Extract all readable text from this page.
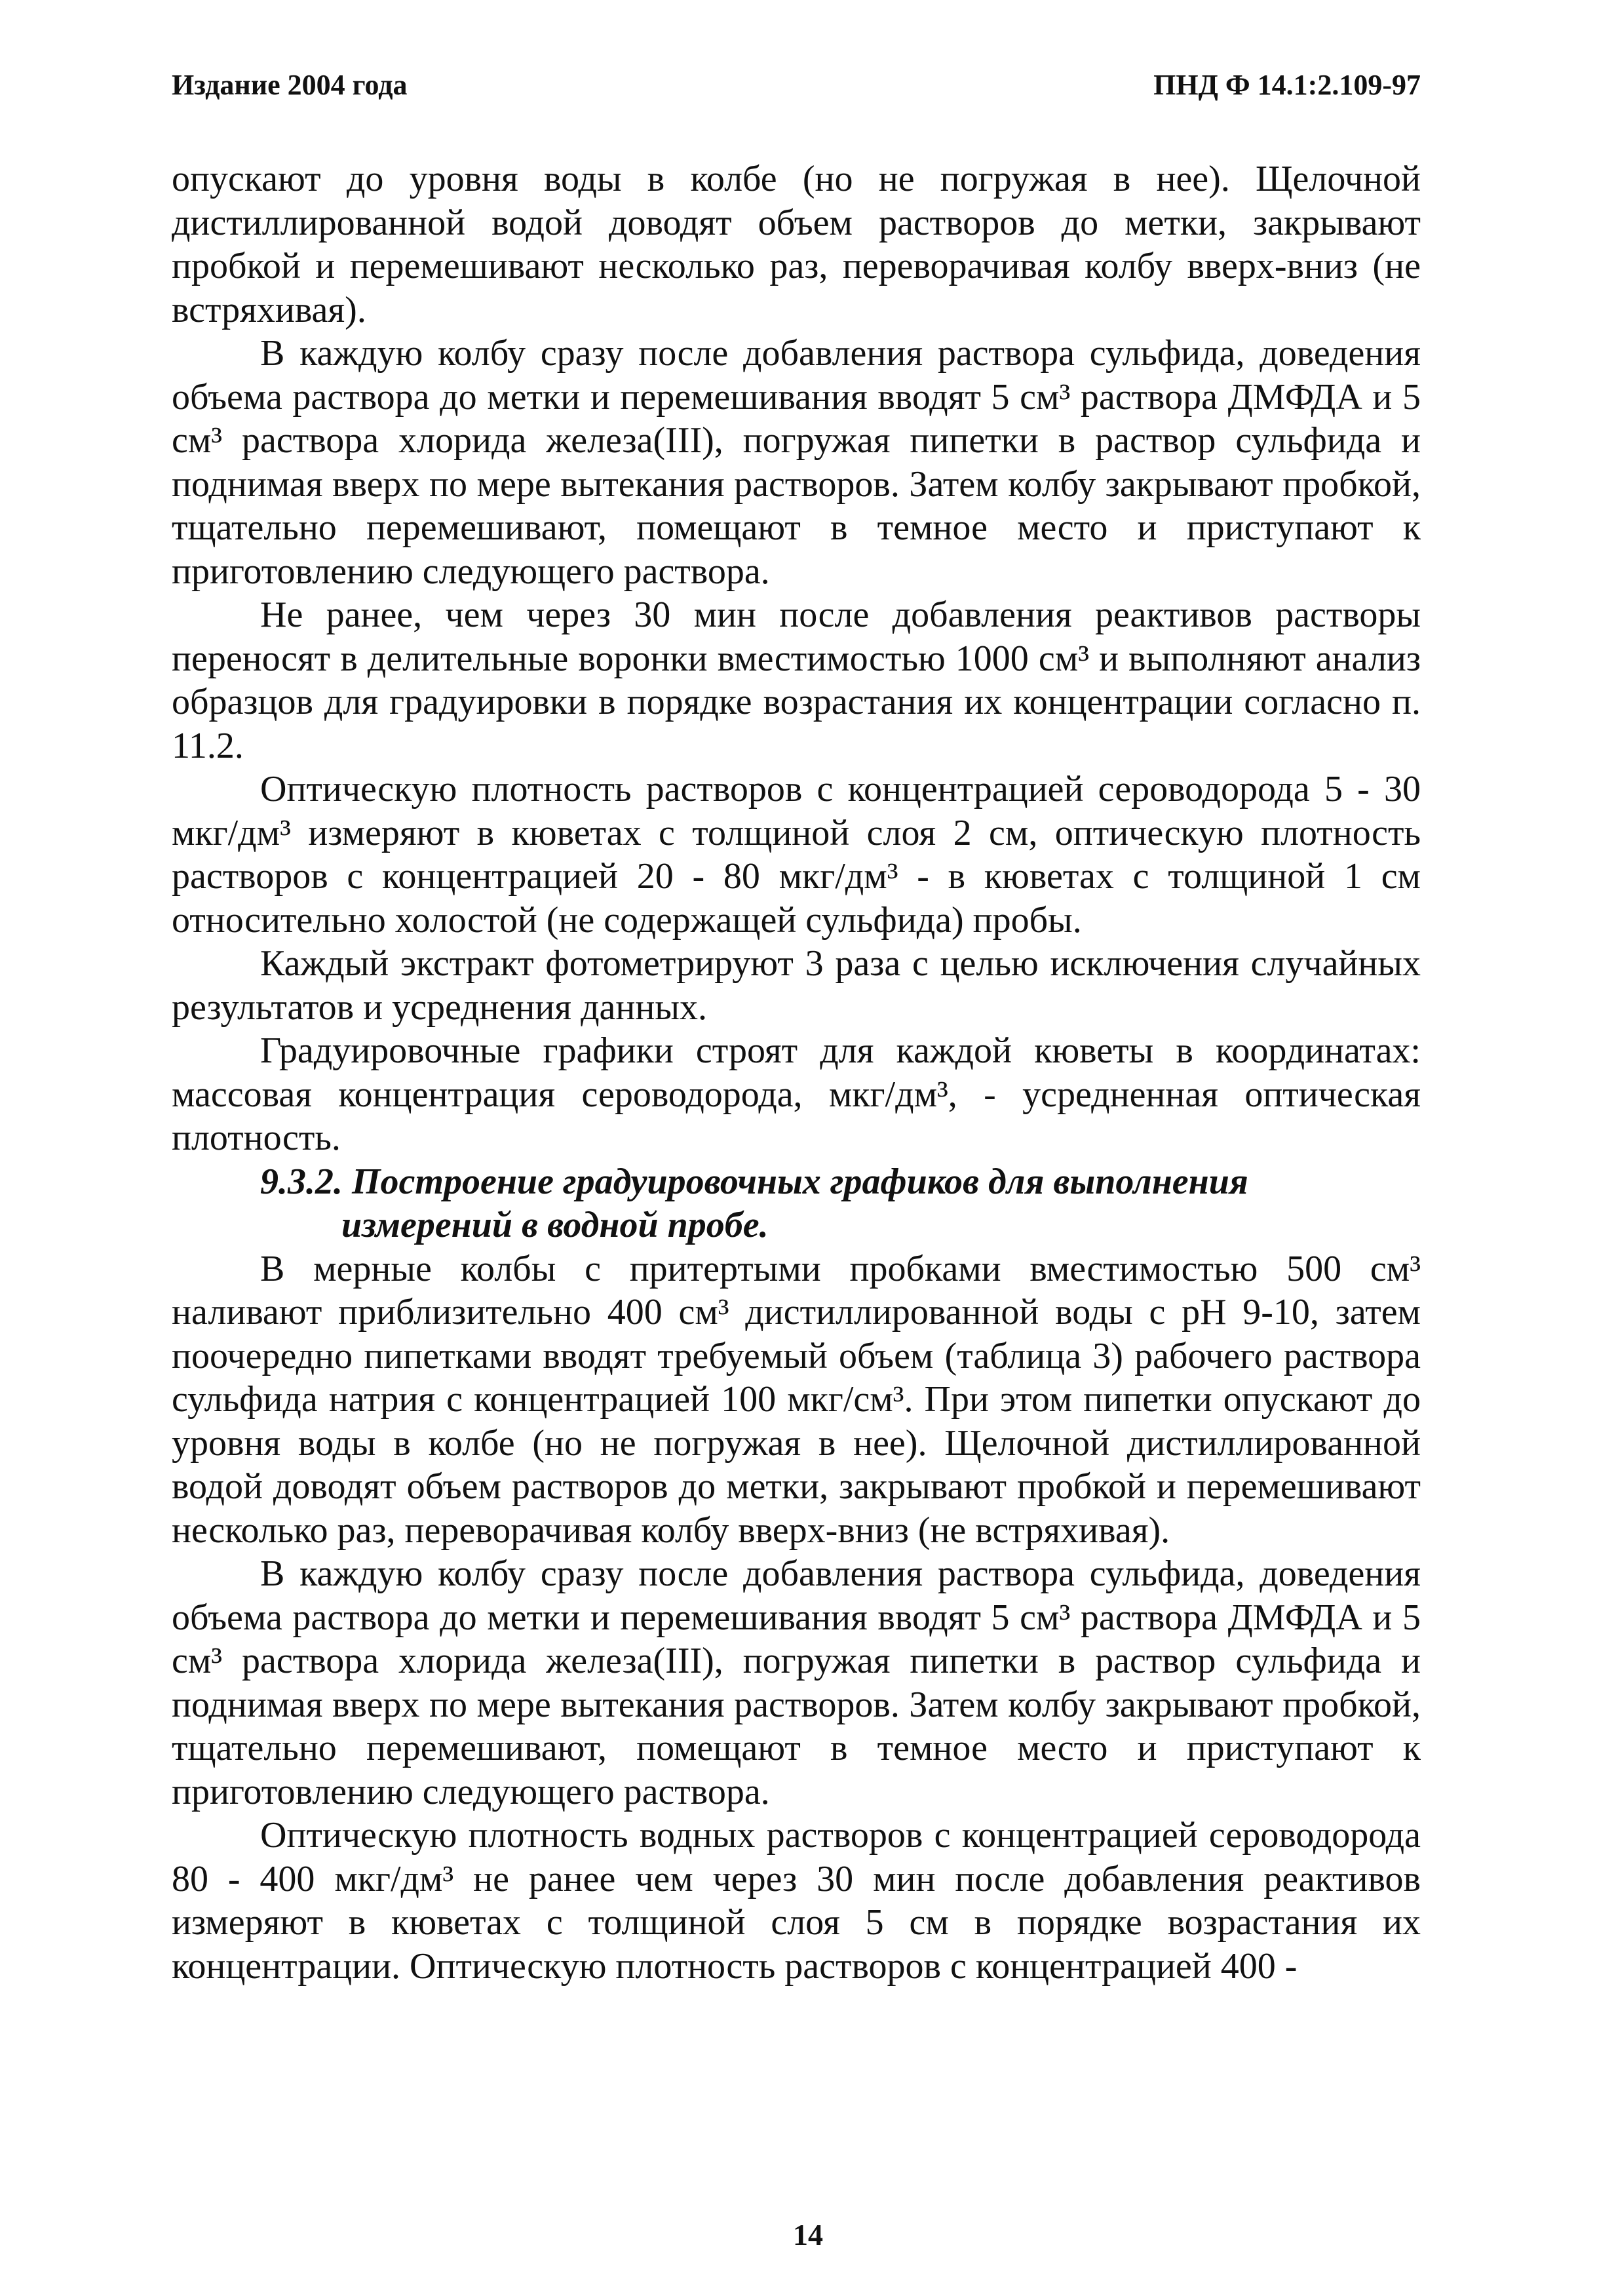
Издание 2004 года	ПНД Ф 14.1:2.109-97

опускают до уровня воды в колбе (но не погружая в нее). Щелочной дистиллированной водой доводят объем растворов до метки, закрывают пробкой и перемешивают несколько раз, переворачивая колбу вверх-вниз (не встряхивая).

В каждую колбу сразу после добавления раствора сульфида, доведения объема раствора до метки и перемешивания вводят 5 см³ раствора ДМФДА и 5 см³ раствора хлорида железа(III), погружая пипетки в раствор сульфида и поднимая вверх по мере вытекания растворов. Затем колбу закрывают пробкой, тщательно перемешивают, помещают в темное место и приступают к приготовлению следующего раствора.

Не ранее, чем через 30 мин после добавления реактивов растворы переносят в делительные воронки вместимостью 1000 см³ и выполняют анализ образцов для градуировки в порядке возрастания их концентрации согласно п. 11.2.

Оптическую плотность растворов с концентрацией сероводорода 5 - 30 мкг/дм³ измеряют в кюветах с толщиной слоя 2 см, оптическую плотность растворов с концентрацией 20 - 80 мкг/дм³ - в кюветах с толщиной 1 см относительно холостой (не содержащей сульфида) пробы.

Каждый экстракт фотометрируют 3 раза с целью исключения случайных результатов и усреднения данных.

Градуировочные графики строят для каждой кюветы в координатах: массовая концентрация сероводорода, мкг/дм³, - усредненная оптическая плотность.

9.3.2. Построение градуировочных графиков для выполнения
измерений в водной пробе.

В мерные колбы с притертыми пробками вместимостью 500 см³ наливают приблизительно 400 см³ дистиллированной воды с pH 9-10, затем поочередно пипетками вводят требуемый объем (таблица 3) рабочего раствора сульфида натрия с концентрацией 100 мкг/см³. При этом пипетки опускают до уровня воды в колбе (но не погружая в нее). Щелочной дистиллированной водой доводят объем растворов до метки, закрывают пробкой и перемешивают несколько раз, переворачивая колбу вверх-вниз (не встряхивая).

В каждую колбу сразу после добавления раствора сульфида, доведения объема раствора до метки и перемешивания вводят 5 см³ раствора ДМФДА и 5 см³ раствора хлорида железа(III), погружая пипетки в раствор сульфида и поднимая вверх по мере вытекания растворов. Затем колбу закрывают пробкой, тщательно перемешивают, помещают в темное место и приступают к приготовлению следующего раствора.

Оптическую плотность водных растворов с концентрацией сероводорода 80 - 400 мкг/дм³ не ранее чем через 30 мин после добавления реактивов измеряют в кюветах с толщиной слоя 5 см в порядке возрастания их концентрации. Оптическую плотность растворов с концентрацией 400 -

14
